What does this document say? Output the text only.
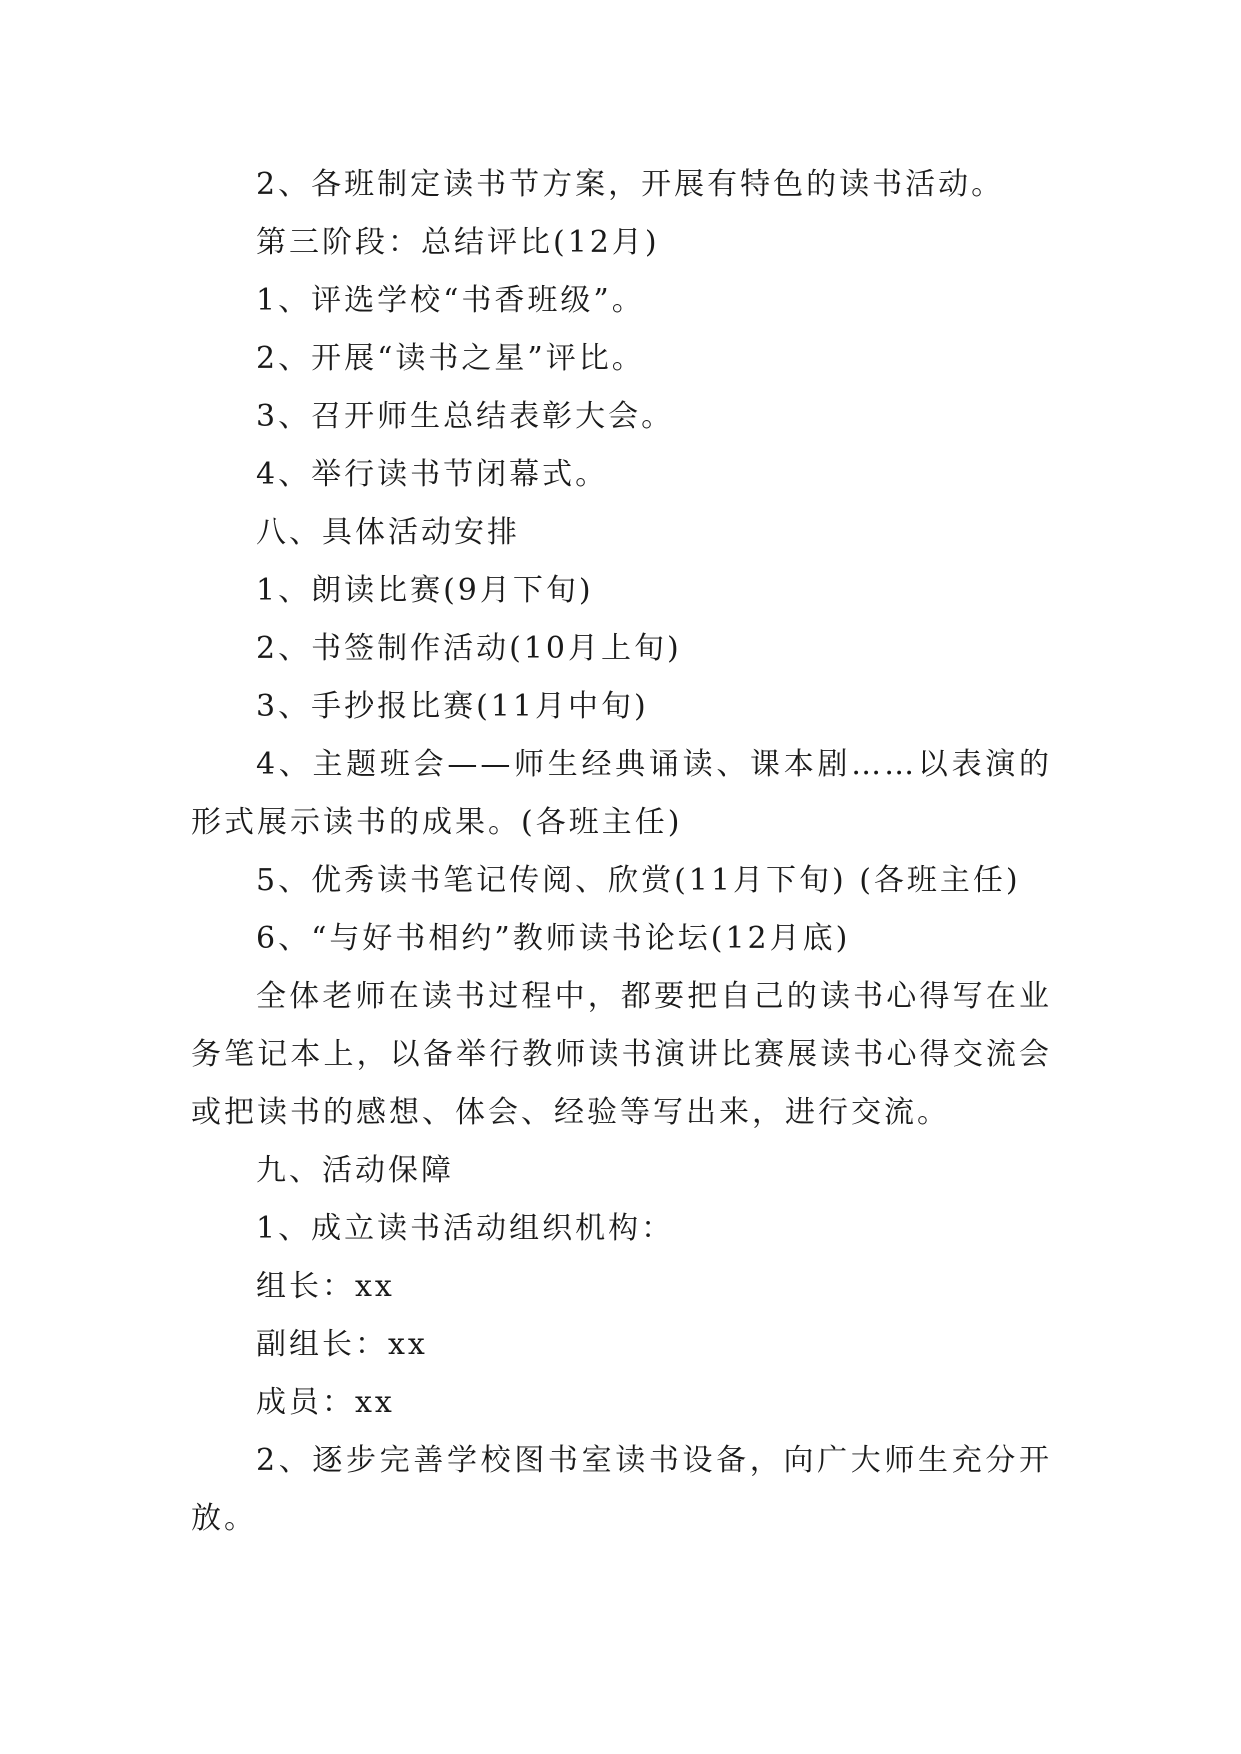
2、各班制定读书节方案，开展有特色的读书活动。

第三阶段：总结评比(12月)

1、评选学校“书香班级”。

2、开展“读书之星”评比。

3、召开师生总结表彰大会。

4、举行读书节闭幕式。

八、具体活动安排

1、朗读比赛(9月下旬)

2、书签制作活动(10月上旬)

3、手抄报比赛(11月中旬)

4、主题班会——师生经典诵读、课本剧……以表演的形式展示读书的成果。(各班主任)

5、优秀读书笔记传阅、欣赏(11月下旬) (各班主任)

6、“与好书相约”教师读书论坛(12月底)

全体老师在读书过程中，都要把自己的读书心得写在业务笔记本上，以备举行教师读书演讲比赛展读书心得交流会或把读书的感想、体会、经验等写出来，进行交流。

九、活动保障

1、成立读书活动组织机构：

组长：xx

副组长：xx

成员：xx

2、逐步完善学校图书室读书设备，向广大师生充分开放。
